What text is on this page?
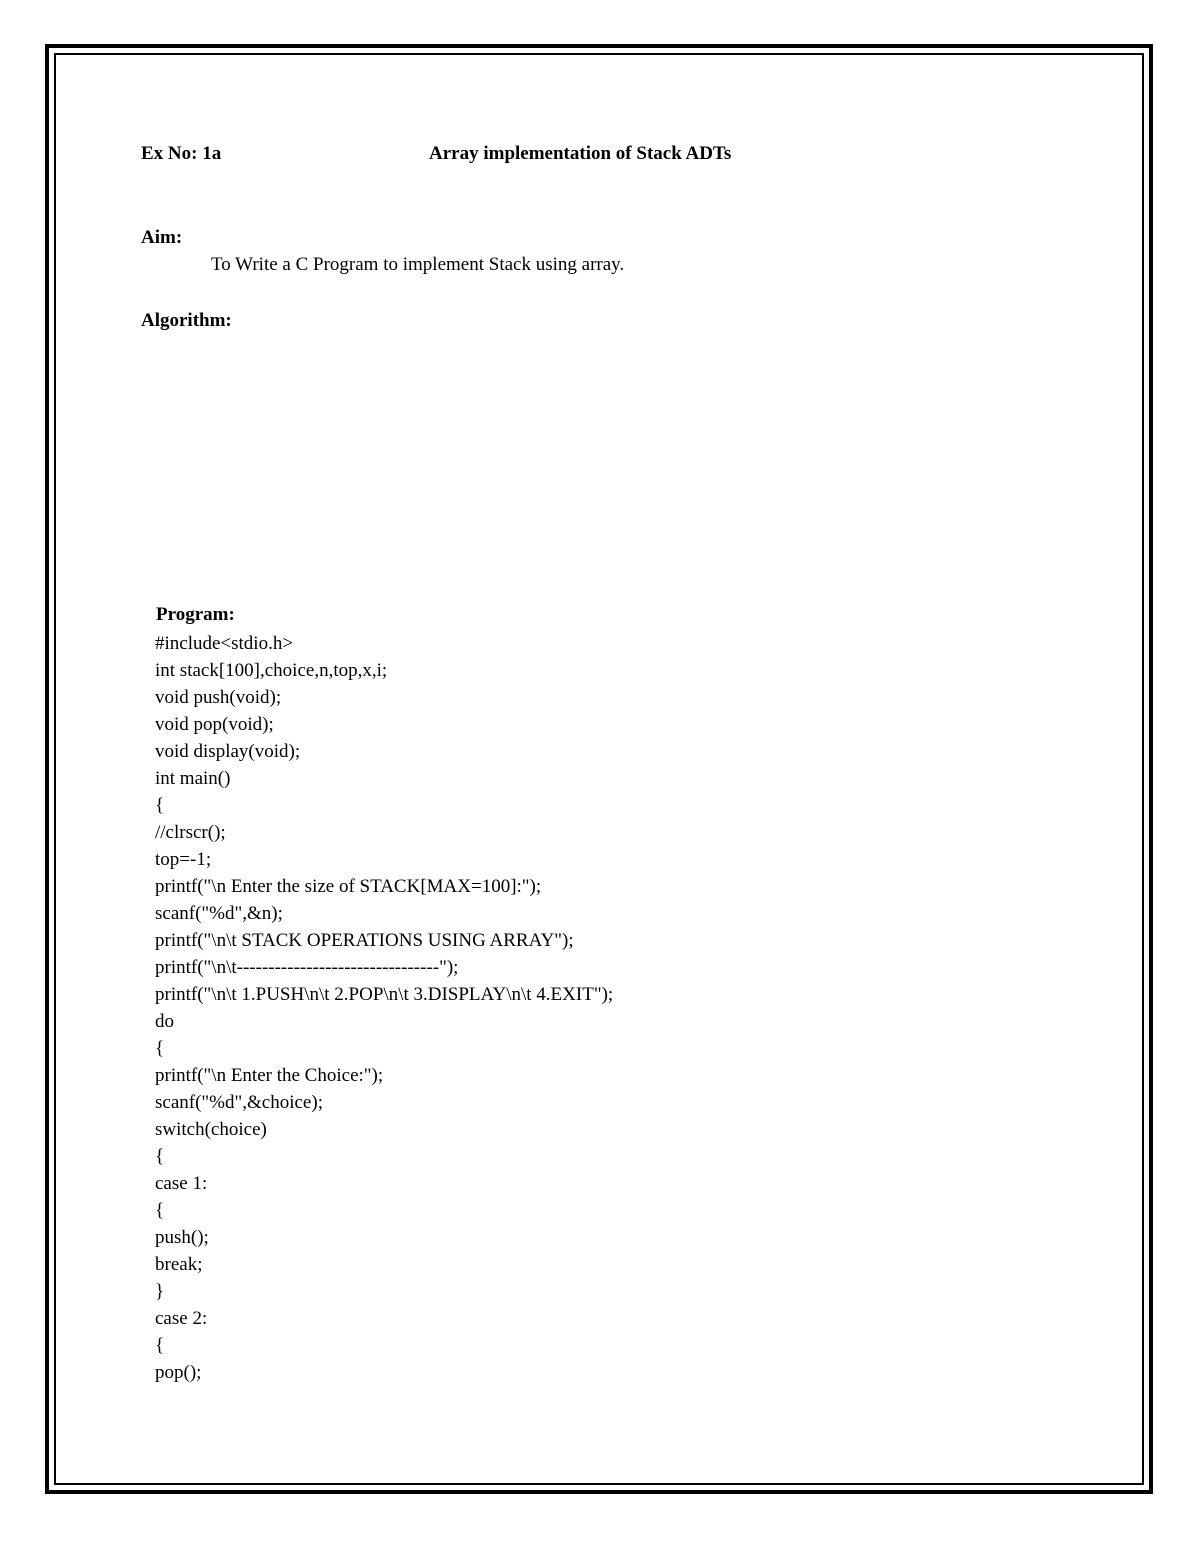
Ex No: 1a	Array implementation of Stack ADTs
Aim:
To Write a C Program to implement Stack using array.
Algorithm:
Program:
#include<stdio.h>
int stack[100],choice,n,top,x,i;
void push(void);
void pop(void);
void display(void);
int main()
{
//clrscr();
top=-1;
printf("\n Enter the size of STACK[MAX=100]:");
scanf("%d",&n);
printf("\n\t STACK OPERATIONS USING ARRAY");
printf("\n\t--------------------------------");
printf("\n\t 1.PUSH\n\t 2.POP\n\t 3.DISPLAY\n\t 4.EXIT");
do
{
printf("\n Enter the Choice:");
scanf("%d",&choice);
switch(choice)
{
case 1:
{
push();
break;
}
case 2:
{
pop();
